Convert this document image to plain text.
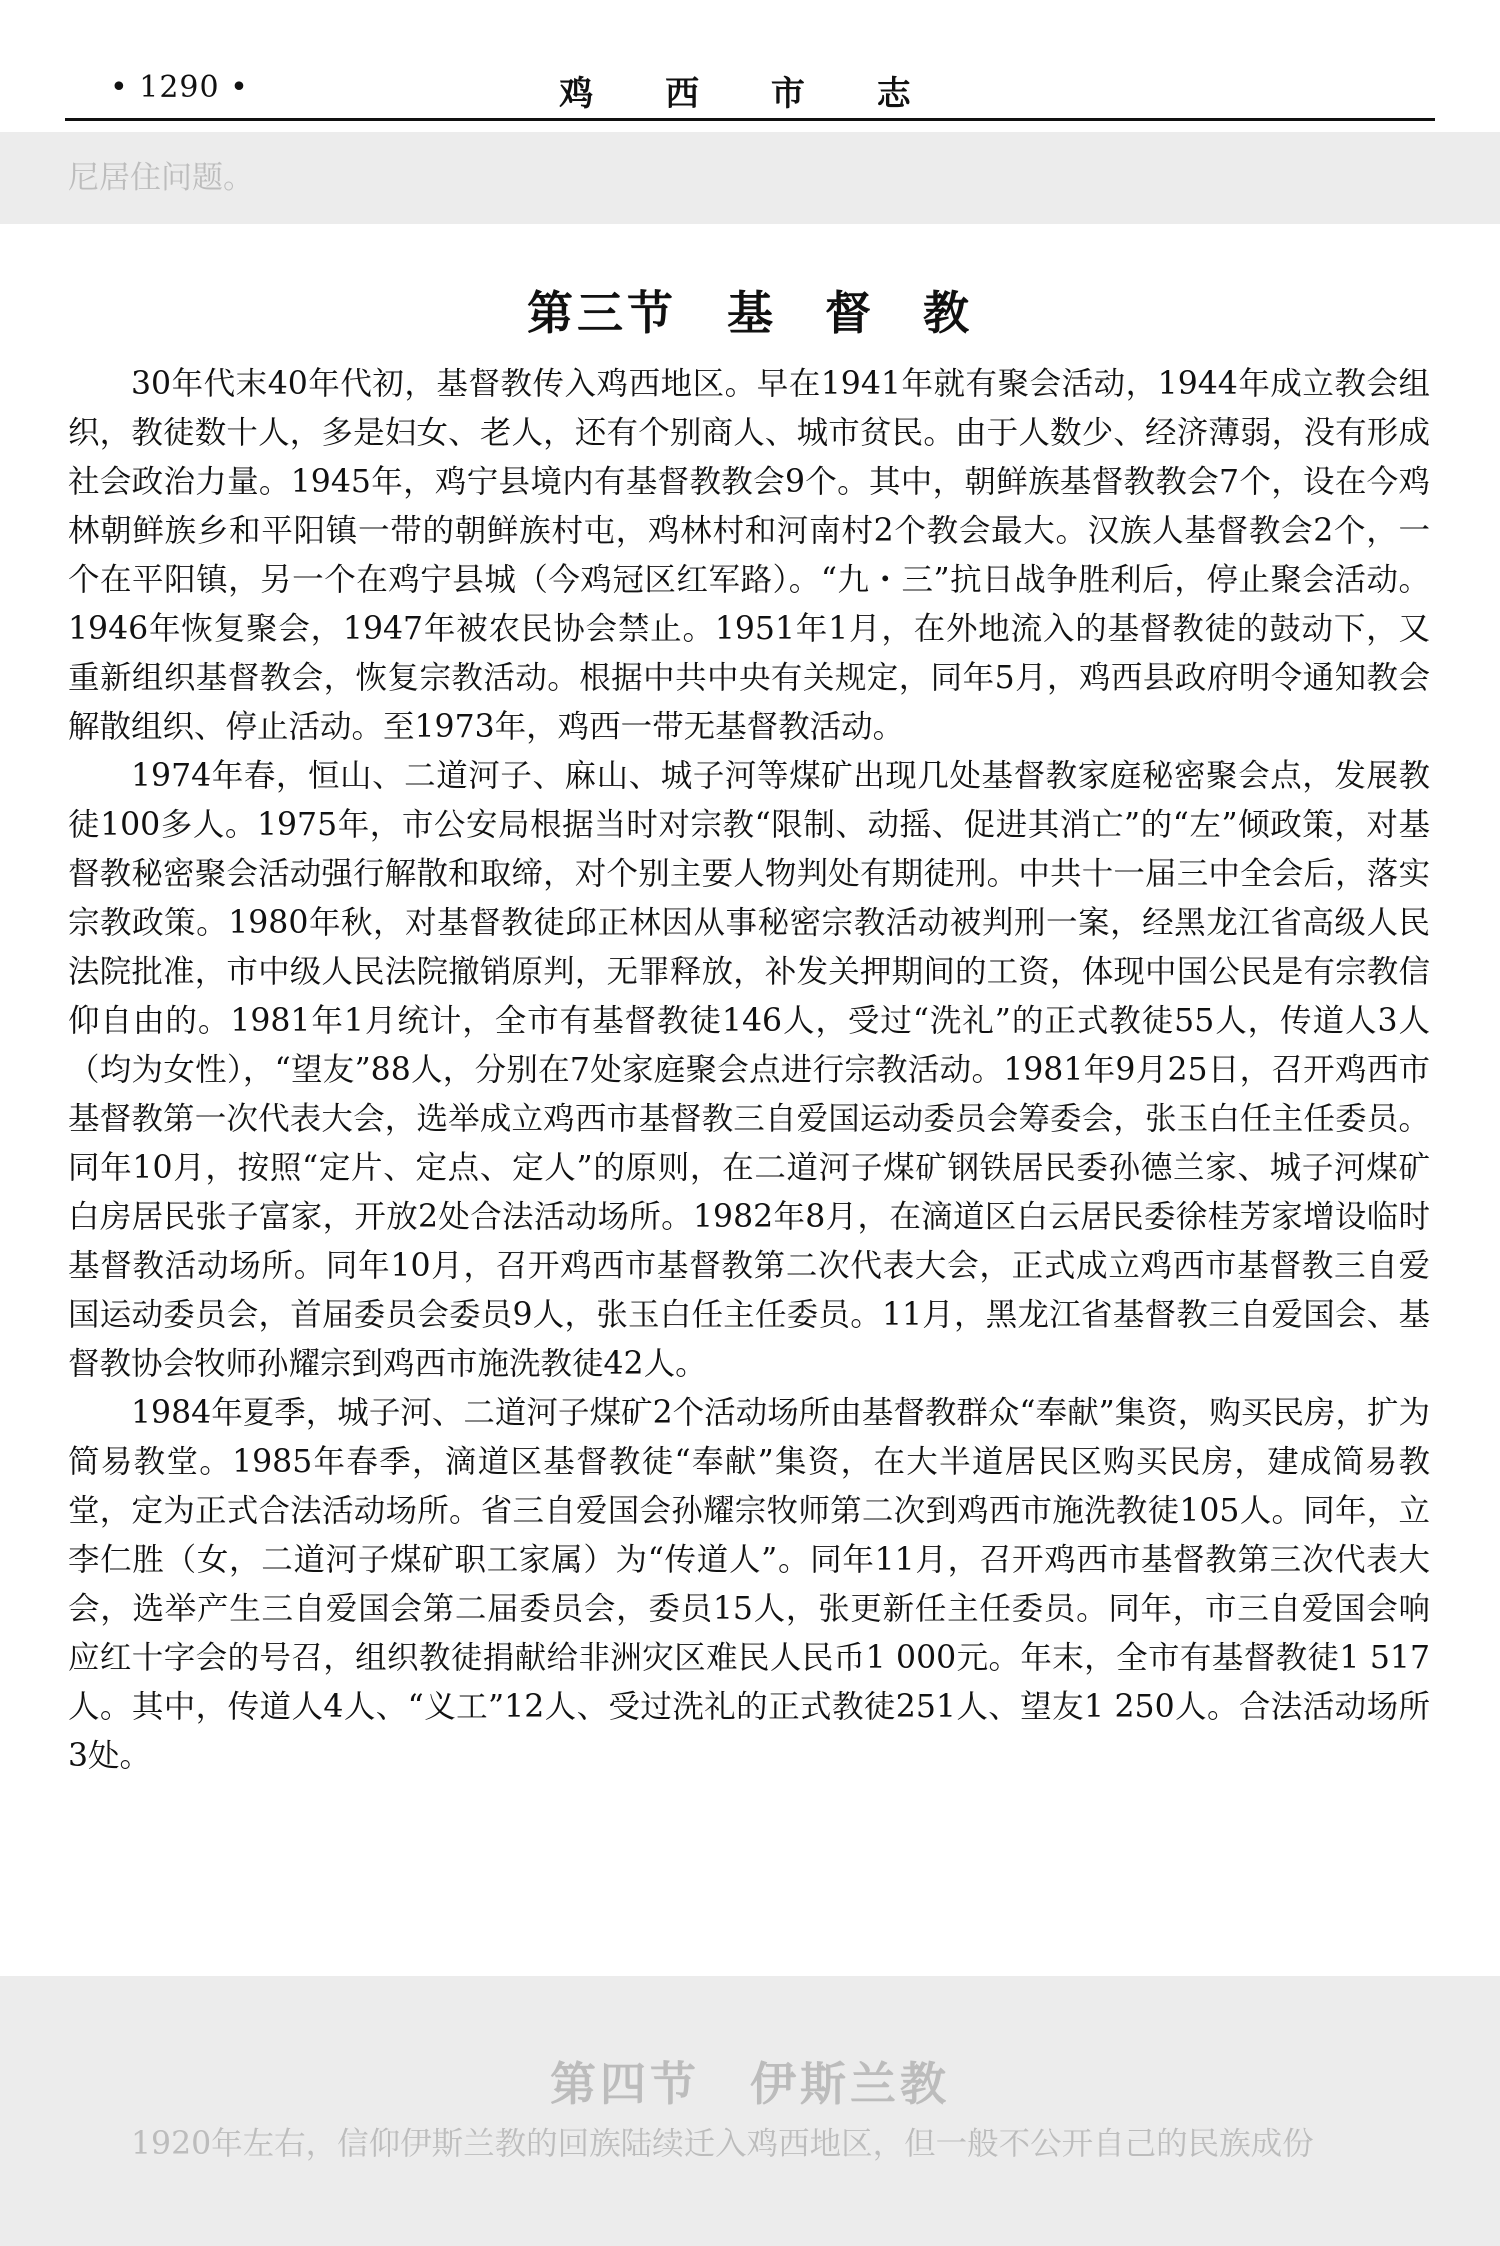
• 1290 •	鸡 西 市 志
尼居住问题。
第三节　基 督 教

30年代末40年代初，基督教传入鸡西地区。早在1941年就有聚会活动，1944年成立教会组织，教徒数十人，多是妇女、老人，还有个别商人、城市贫民。由于人数少、经济薄弱，没有形成社会政治力量。1945年，鸡宁县境内有基督教教会9个。其中，朝鲜族基督教教会7个，设在今鸡林朝鲜族乡和平阳镇一带的朝鲜族村屯，鸡林村和河南村2个教会最大。汉族人基督教会2个，一个在平阳镇，另一个在鸡宁县城（今鸡冠区红军路）。“九・三”抗日战争胜利后，停止聚会活动。1946年恢复聚会，1947年被农民协会禁止。1951年1月，在外地流入的基督教徒的鼓动下，又重新组织基督教会，恢复宗教活动。根据中共中央有关规定，同年5月，鸡西县政府明令通知教会解散组织、停止活动。至1973年，鸡西一带无基督教活动。

1974年春，恒山、二道河子、麻山、城子河等煤矿出现几处基督教家庭秘密聚会点，发展教徒100多人。1975年，市公安局根据当时对宗教“限制、动摇、促进其消亡”的“左”倾政策，对基督教秘密聚会活动强行解散和取缔，对个别主要人物判处有期徒刑。中共十一届三中全会后，落实宗教政策。1980年秋，对基督教徒邱正林因从事秘密宗教活动被判刑一案，经黑龙江省高级人民法院批准，市中级人民法院撤销原判，无罪释放，补发关押期间的工资，体现中国公民是有宗教信仰自由的。1981年1月统计，全市有基督教徒146人，受过“洗礼”的正式教徒55人，传道人3人（均为女性），“望友”88人，分别在7处家庭聚会点进行宗教活动。1981年9月25日，召开鸡西市基督教第一次代表大会，选举成立鸡西市基督教三自爱国运动委员会筹委会，张玉白任主任委员。同年10月，按照“定片、定点、定人”的原则，在二道河子煤矿钢铁居民委孙德兰家、城子河煤矿白房居民张子富家，开放2处合法活动场所。1982年8月，在滴道区白云居民委徐桂芳家增设临时基督教活动场所。同年10月，召开鸡西市基督教第二次代表大会，正式成立鸡西市基督教三自爱国运动委员会，首届委员会委员9人，张玉白任主任委员。11月，黑龙江省基督教三自爱国会、基督教协会牧师孙耀宗到鸡西市施洗教徒42人。

1984年夏季，城子河、二道河子煤矿2个活动场所由基督教群众“奉献”集资，购买民房，扩为简易教堂。1985年春季，滴道区基督教徒“奉献”集资，在大半道居民区购买民房，建成简易教堂，定为正式合法活动场所。省三自爱国会孙耀宗牧师第二次到鸡西市施洗教徒105人。同年，立李仁胜（女，二道河子煤矿职工家属）为“传道人”。同年11月，召开鸡西市基督教第三次代表大会，选举产生三自爱国会第二届委员会，委员15人，张更新任主任委员。同年，市三自爱国会响应红十字会的号召，组织教徒捐献给非洲灾区难民人民币1 000元。年末，全市有基督教徒1 517人。其中，传道人4人、“义工”12人、受过洗礼的正式教徒251人、望友1 250人。合法活动场所3处。

第四节　伊斯兰教
1920年左右，信仰伊斯兰教的回族陆续迁入鸡西地区，但一般不公开自己的民族成份
